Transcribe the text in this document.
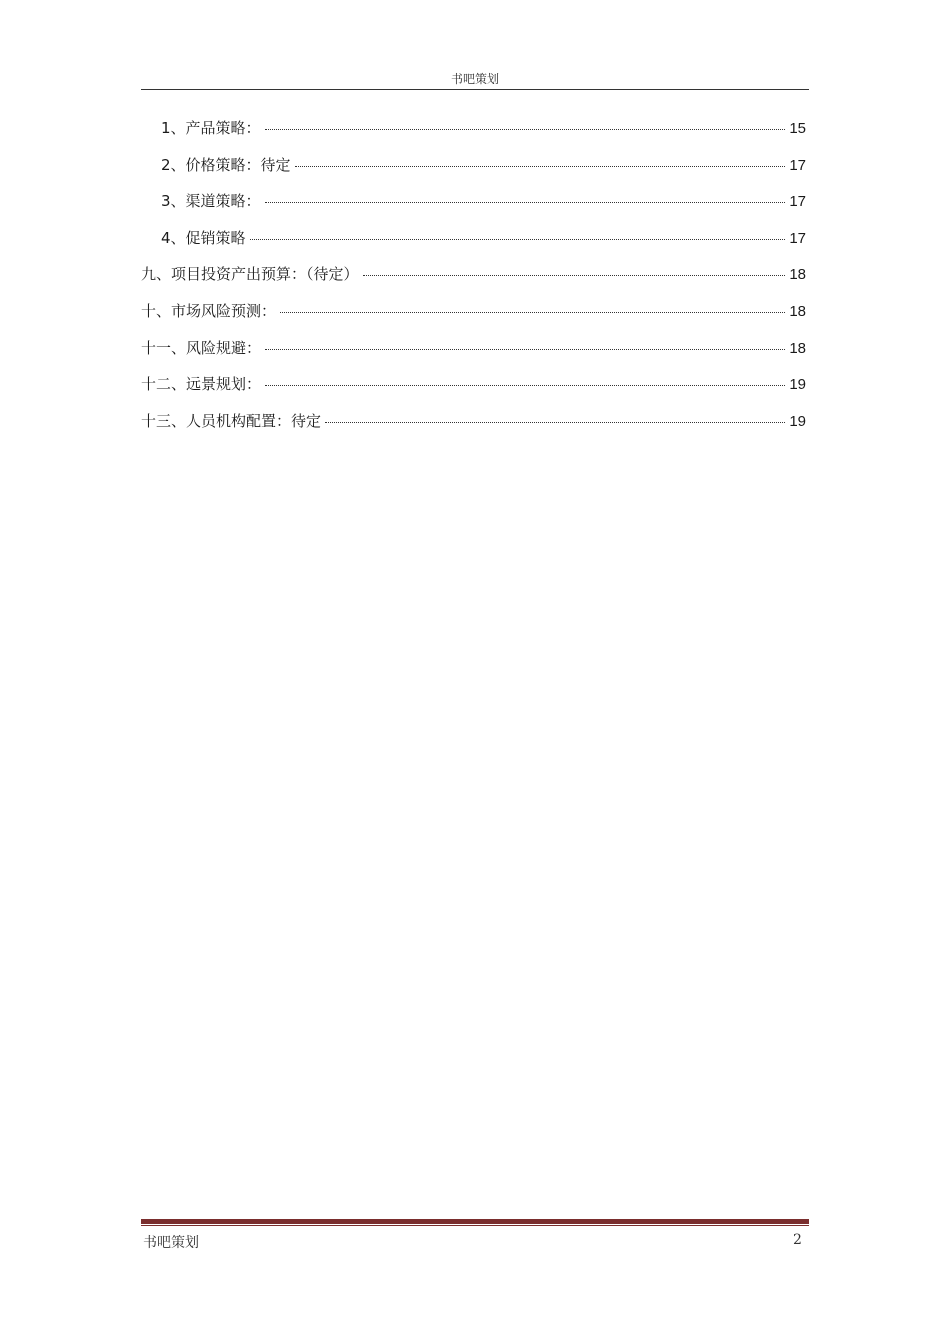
书吧策划
1、产品策略：	15
2、价格策略：待定	17
3、渠道策略：	17
4、促销策略	17
九、项目投资产出预算：（待定）	18
十、市场风险预测：	18
十一、风险规避：	18
十二、远景规划：	19
十三、人员机构配置：待定	19
书吧策划	2
